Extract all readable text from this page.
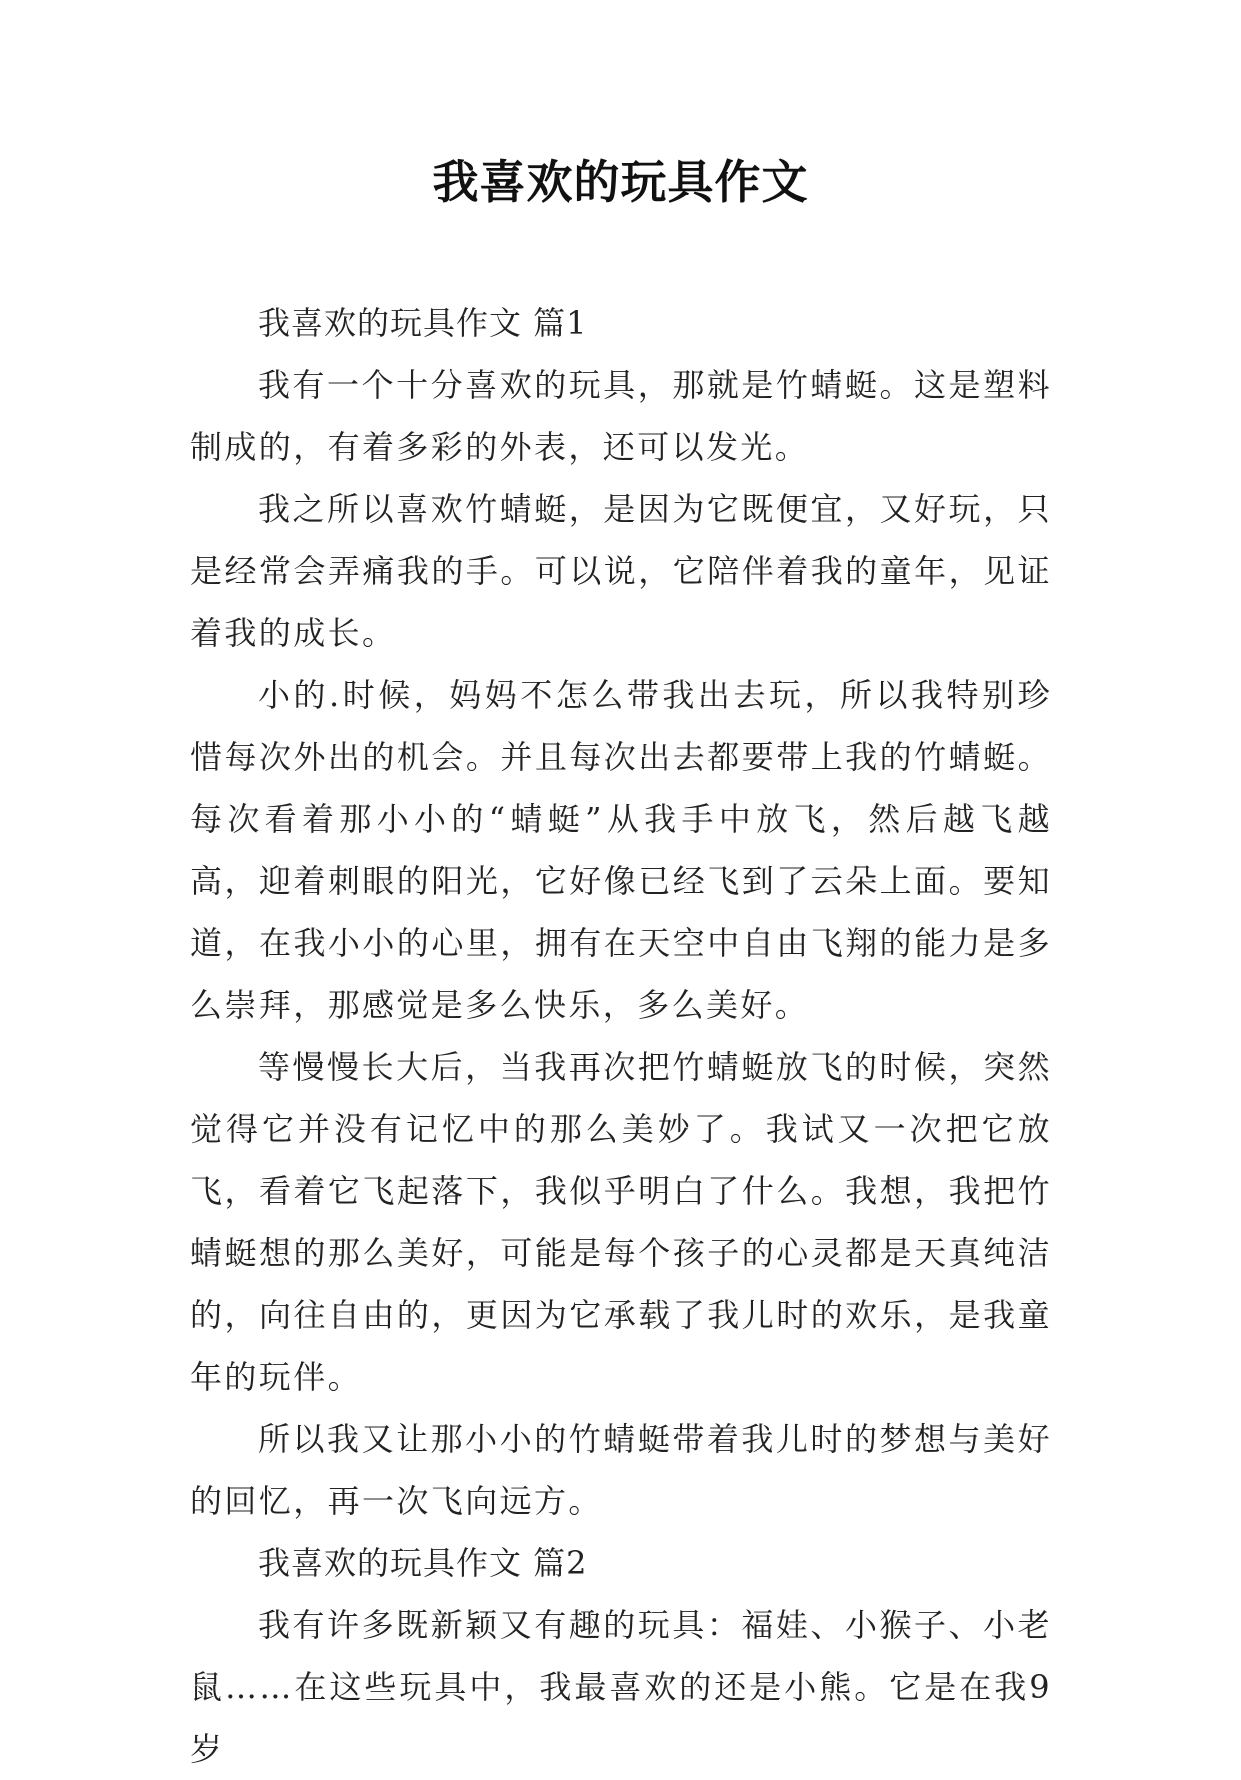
我喜欢的玩具作文

我喜欢的玩具作文 篇1

我有一个十分喜欢的玩具，那就是竹蜻蜓。这是塑料制成的，有着多彩的外表，还可以发光。

我之所以喜欢竹蜻蜓，是因为它既便宜，又好玩，只是经常会弄痛我的手。可以说，它陪伴着我的童年，见证着我的成长。

小的.时候，妈妈不怎么带我出去玩，所以我特别珍惜每次外出的机会。并且每次出去都要带上我的竹蜻蜓。每次看着那小小的“蜻蜓”从我手中放飞，然后越飞越高，迎着刺眼的阳光，它好像已经飞到了云朵上面。要知道，在我小小的心里，拥有在天空中自由飞翔的能力是多么崇拜，那感觉是多么快乐，多么美好。

等慢慢长大后，当我再次把竹蜻蜓放飞的时候，突然觉得它并没有记忆中的那么美妙了。我试又一次把它放飞，看着它飞起落下，我似乎明白了什么。我想，我把竹蜻蜓想的那么美好，可能是每个孩子的心灵都是天真纯洁的，向往自由的，更因为它承载了我儿时的欢乐，是我童年的玩伴。

所以我又让那小小的竹蜻蜓带着我儿时的梦想与美好的回忆，再一次飞向远方。

我喜欢的玩具作文 篇2

我有许多既新颖又有趣的玩具：福娃、小猴子、小老鼠……在这些玩具中，我最喜欢的还是小熊。它是在我9岁
